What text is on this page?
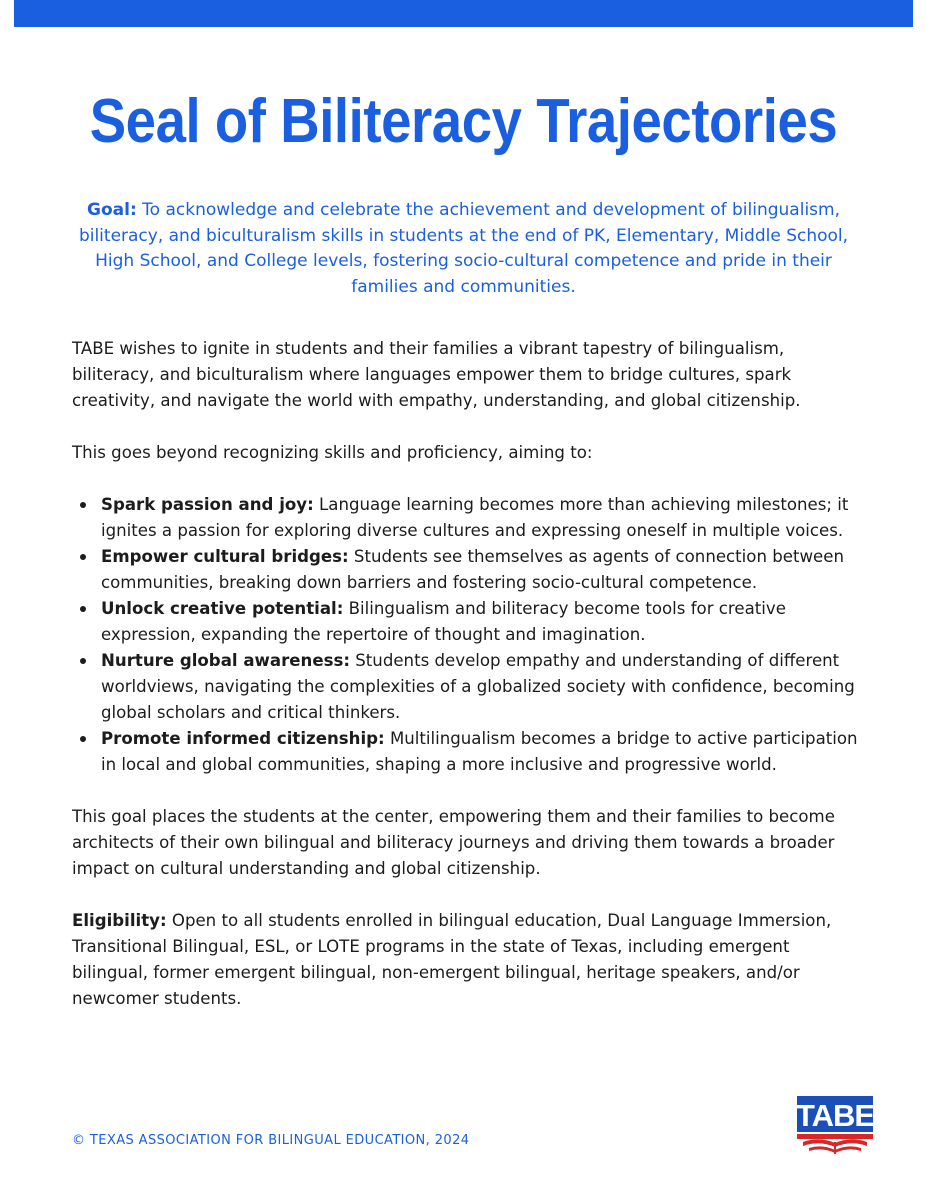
Seal of Biliteracy Trajectories
Goal: To acknowledge and celebrate the achievement and development of bilingualism, biliteracy, and biculturalism skills in students at the end of PK, Elementary, Middle School, High School, and College levels, fostering socio-cultural competence and pride in their families and communities.

TABE wishes to ignite in students and their families a vibrant tapestry of bilingualism, biliteracy, and biculturalism where languages empower them to bridge cultures, spark creativity, and navigate the world with empathy, understanding, and global citizenship.

This goes beyond recognizing skills and proficiency, aiming to:

Spark passion and joy: Language learning becomes more than achieving milestones; it ignites a passion for exploring diverse cultures and expressing oneself in multiple voices.
Empower cultural bridges: Students see themselves as agents of connection between communities, breaking down barriers and fostering socio-cultural competence.
Unlock creative potential: Bilingualism and biliteracy become tools for creative expression, expanding the repertoire of thought and imagination.
Nurture global awareness: Students develop empathy and understanding of different worldviews, navigating the complexities of a globalized society with confidence, becoming global scholars and critical thinkers.
Promote informed citizenship: Multilingualism becomes a bridge to active participation in local and global communities, shaping a more inclusive and progressive world.

This goal places the students at the center, empowering them and their families to become architects of their own bilingual and biliteracy journeys and driving them towards a broader impact on cultural understanding and global citizenship.

Eligibility: Open to all students enrolled in bilingual education, Dual Language Immersion, Transitional Bilingual, ESL, or LOTE programs in the state of Texas, including emergent bilingual, former emergent bilingual, non-emergent bilingual, heritage speakers, and/or newcomer students.

© TEXAS ASSOCIATION FOR BILINGUAL EDUCATION, 2024
TABE
